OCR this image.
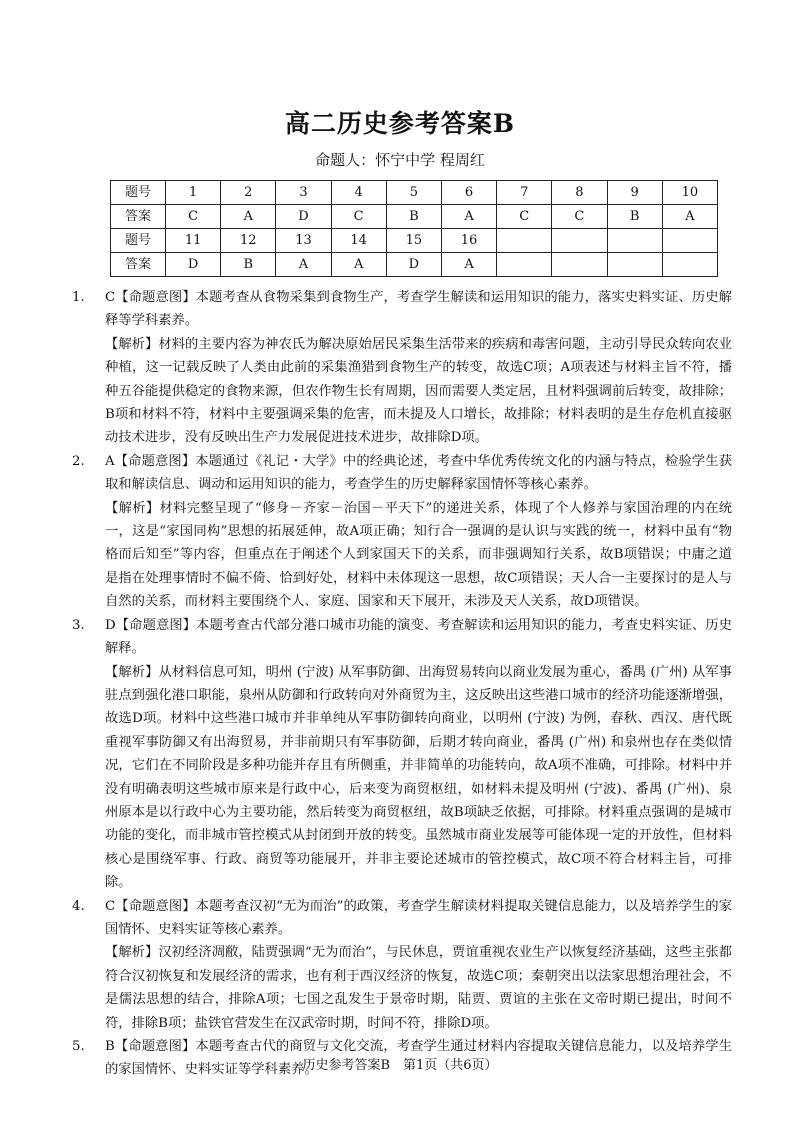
高二历史参考答案B
命题人：怀宁中学 程周红
题号	1	2	3	4	5	6	7	8	9	10
答案	C	A	D	C	B	A	C	C	B	A
题号	11	12	13	14	15	16				
答案	D	B	A	A	D	A				
1. C【命题意图】本题考查从食物采集到食物生产，考查学生解读和运用知识的能力，落实史料实证、历史解释等学科素养。
【解析】材料的主要内容为神农氏为解决原始居民采集生活带来的疾病和毒害问题，主动引导民众转向农业种植，这一记载反映了人类由此前的采集渔猎到食物生产的转变，故选C项；A项表述与材料主旨不符，播种五谷能提供稳定的食物来源，但农作物生长有周期，因而需要人类定居，且材料强调前后转变，故排除；B项和材料不符，材料中主要强调采集的危害，而未提及人口增长，故排除；材料表明的是生存危机直接驱动技术进步，没有反映出生产力发展促进技术进步，故排除D项。
2. A【命题意图】本题通过《礼记・大学》中的经典论述，考查中华优秀传统文化的内涵与特点，检验学生获取和解读信息、调动和运用知识的能力，考查学生的历史解释家国情怀等核心素养。
【解析】材料完整呈现了“修身－齐家－治国－平天下”的递进关系，体现了个人修养与家国治理的内在统一，这是“家国同构”思想的拓展延伸，故A项正确；知行合一强调的是认识与实践的统一，材料中虽有“物格而后知至”等内容，但重点在于阐述个人到家国天下的关系，而非强调知行关系，故B项错误；中庸之道是指在处理事情时不偏不倚、恰到好处，材料中未体现这一思想，故C项错误；天人合一主要探讨的是人与自然的关系，而材料主要围绕个人、家庭、国家和天下展开，未涉及天人关系，故D项错误。
3. D【命题意图】本题考查古代部分港口城市功能的演变、考查解读和运用知识的能力，考查史料实证、历史解释。
【解析】从材料信息可知，明州 (宁波) 从军事防御、出海贸易转向以商业发展为重心，番禺 (广州) 从军事驻点到强化港口职能，泉州从防御和行政转向对外商贸为主，这反映出这些港口城市的经济功能逐渐增强，故选D项。材料中这些港口城市并非单纯从军事防御转向商业，以明州 (宁波) 为例，春秋、西汉、唐代既重视军事防御又有出海贸易，并非前期只有军事防御，后期才转向商业，番禺 (广州) 和泉州也存在类似情况，它们在不同阶段是多种功能并存且有所侧重，并非简单的功能转向，故A项不准确，可排除。材料中并没有明确表明这些城市原来是行政中心，后来变为商贸枢纽，如材料未提及明州 (宁波)、番禺 (广州)、泉州原本是以行政中心为主要功能，然后转变为商贸枢纽，故B项缺乏依据，可排除。材料重点强调的是城市功能的变化，而非城市管控模式从封闭到开放的转变。虽然城市商业发展等可能体现一定的开放性，但材料核心是围绕军事、行政、商贸等功能展开，并非主要论述城市的管控模式，故C项不符合材料主旨，可排除。
4. C【命题意图】本题考查汉初“无为而治”的政策，考查学生解读材料提取关键信息能力，以及培养学生的家国情怀、史料实证等核心素养。
【解析】汉初经济凋敝，陆贾强调“无为而治”，与民休息，贾谊重视农业生产以恢复经济基础，这些主张都符合汉初恢复和发展经济的需求，也有利于西汉经济的恢复，故选C项；秦朝突出以法家思想治理社会，不是儒法思想的结合，排除A项；七国之乱发生于景帝时期，陆贾、贾谊的主张在文帝时期已提出，时间不符，排除B项；盐铁官营发生在汉武帝时期，时间不符，排除D项。
5. B【命题意图】本题考查古代的商贸与文化交流，考查学生通过材料内容提取关键信息能力，以及培养学生的家国情怀、史料实证等学科素养。
历史参考答案B　第1页（共6页）
